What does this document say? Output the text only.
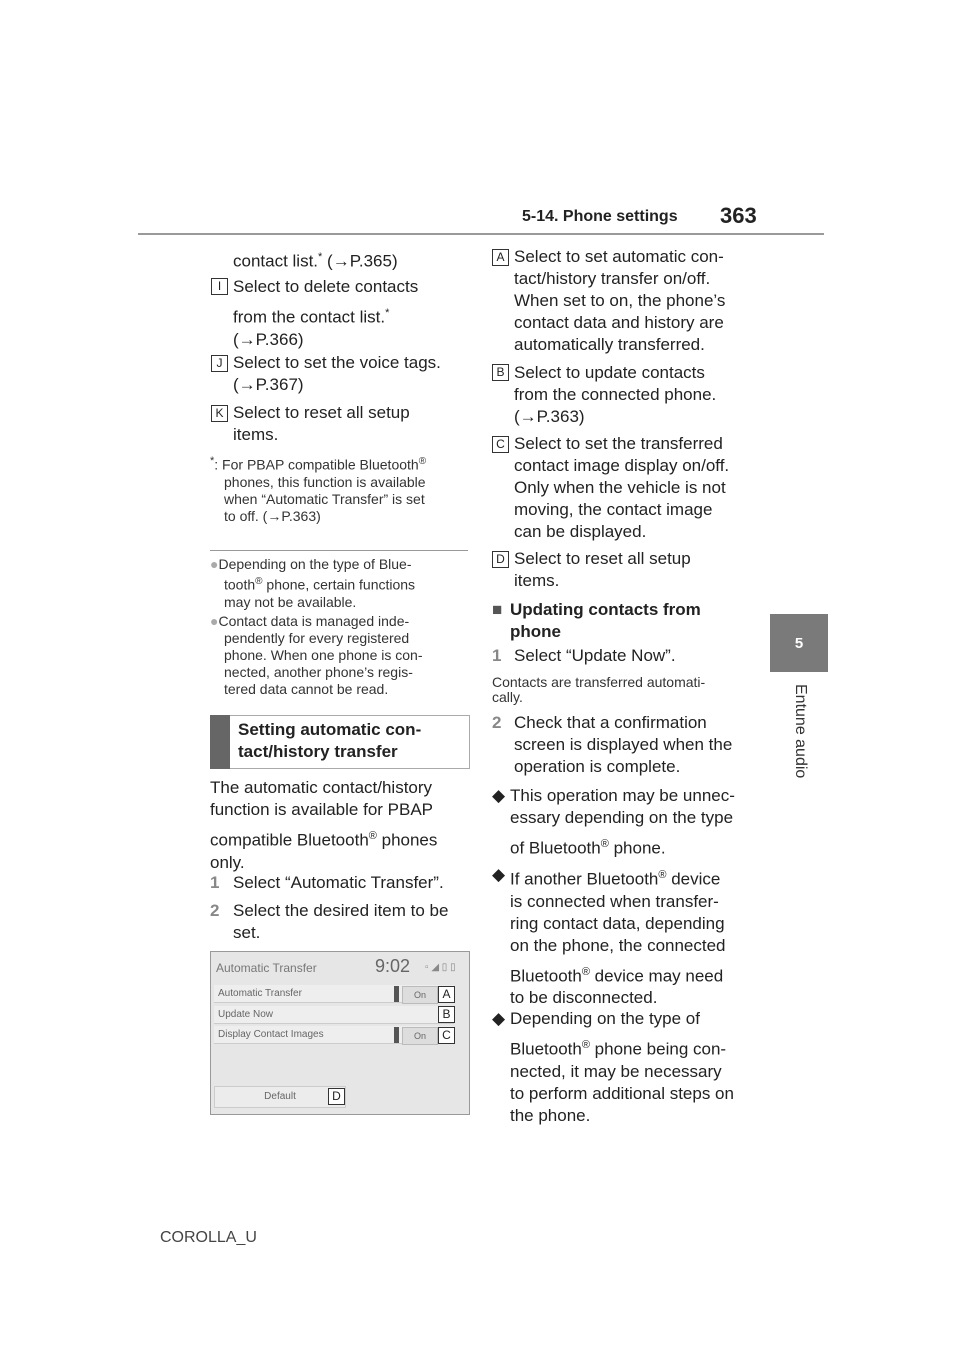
5-14. Phone settings 363
5
Entune audio
contact list.* (→P.365)
I Select to delete contacts
from the contact list.*
(→P.366)
J Select to set the voice tags.
(→P.367)
K Select to reset all setup
items.
*: For PBAP compatible Bluetooth®
phones, this function is available
when “Automatic Transfer” is set
to off. (→P.363)
●Depending on the type of Blue-
tooth® phone, certain functions
may not be available.
●Contact data is managed inde-
pendently for every registered
phone. When one phone is con-
nected, another phone’s regis-
tered data cannot be read.
Setting automatic con-
tact/history transfer
The automatic contact/history
function is available for PBAP
compatible Bluetooth® phones
only.
1 Select “Automatic Transfer”.
2 Select the desired item to be
set.
Automatic Transfer	9:02 ▫ ◢ ▯ ▯
Automatic Transfer	On	A
Update Now	B
Display Contact Images	On	C
Default	D
A Select to set automatic con-
tact/history transfer on/off.
When set to on, the phone’s
contact data and history are
automatically transferred.
B Select to update contacts
from the connected phone.
(→P.363)
C Select to set the transferred
contact image display on/off.
Only when the vehicle is not
moving, the contact image
can be displayed.
D Select to reset all setup
items.
■ Updating contacts from
phone
1 Select “Update Now”.
Contacts are transferred automati-
cally.
2 Check that a confirmation
screen is displayed when the
operation is complete.
◆ This operation may be unnec-
essary depending on the type
of Bluetooth® phone.
◆ If another Bluetooth® device
is connected when transfer-
ring contact data, depending
on the phone, the connected
Bluetooth® device may need
to be disconnected.
◆ Depending on the type of
Bluetooth® phone being con-
nected, it may be necessary
to perform additional steps on
the phone.
COROLLA_U
